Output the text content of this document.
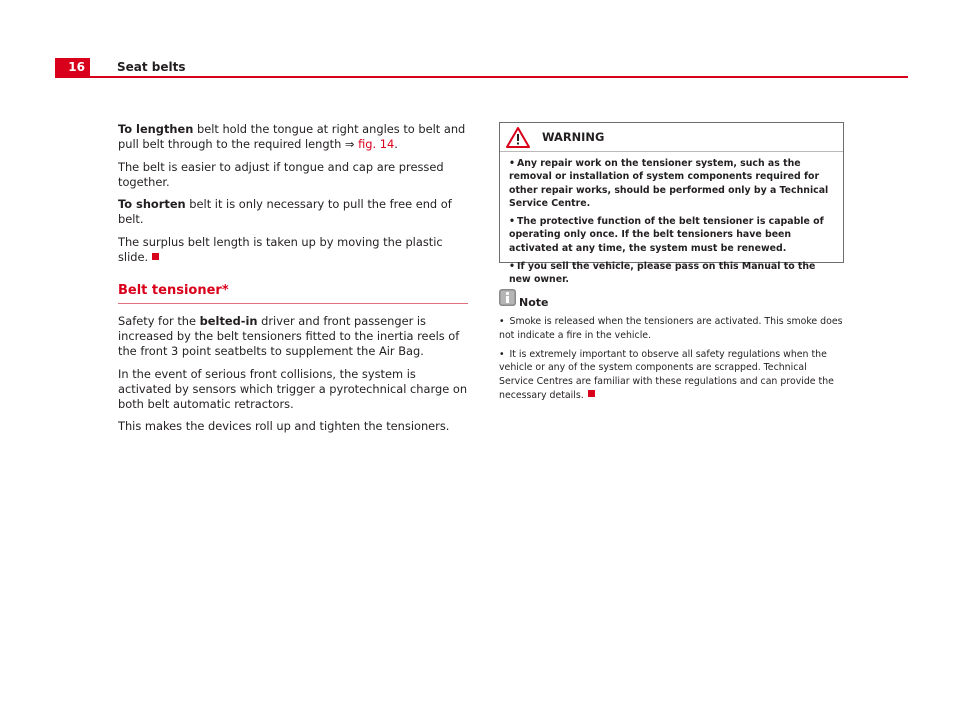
16	Seat belts

To lengthen belt hold the tongue at right angles to belt and pull belt through to the required length ⇒ fig. 14.

The belt is easier to adjust if tongue and cap are pressed together.

To shorten belt it is only necessary to pull the free end of belt.

The surplus belt length is taken up by moving the plastic slide.

Belt tensioner*

Safety for the belted-in driver and front passenger is increased by the belt tensioners fitted to the inertia reels of the front 3 point seatbelts to supplement the Air Bag.

In the event of serious front collisions, the system is activated by sensors which trigger a pyrotechnical charge on both belt automatic retractors.

This makes the devices roll up and tighten the tensioners.

WARNING

• Any repair work on the tensioner system, such as the removal or installation of system components required for other repair works, should be performed only by a Technical Service Centre.

• The protective function of the belt tensioner is capable of operating only once. If the belt tensioners have been activated at any time, the system must be renewed.

• If you sell the vehicle, please pass on this Manual to the new owner.

Note

• Smoke is released when the tensioners are activated. This smoke does not indicate a fire in the vehicle.

• It is extremely important to observe all safety regulations when the vehicle or any of the system components are scrapped. Technical Service Centres are familiar with these regulations and can provide the necessary details.
